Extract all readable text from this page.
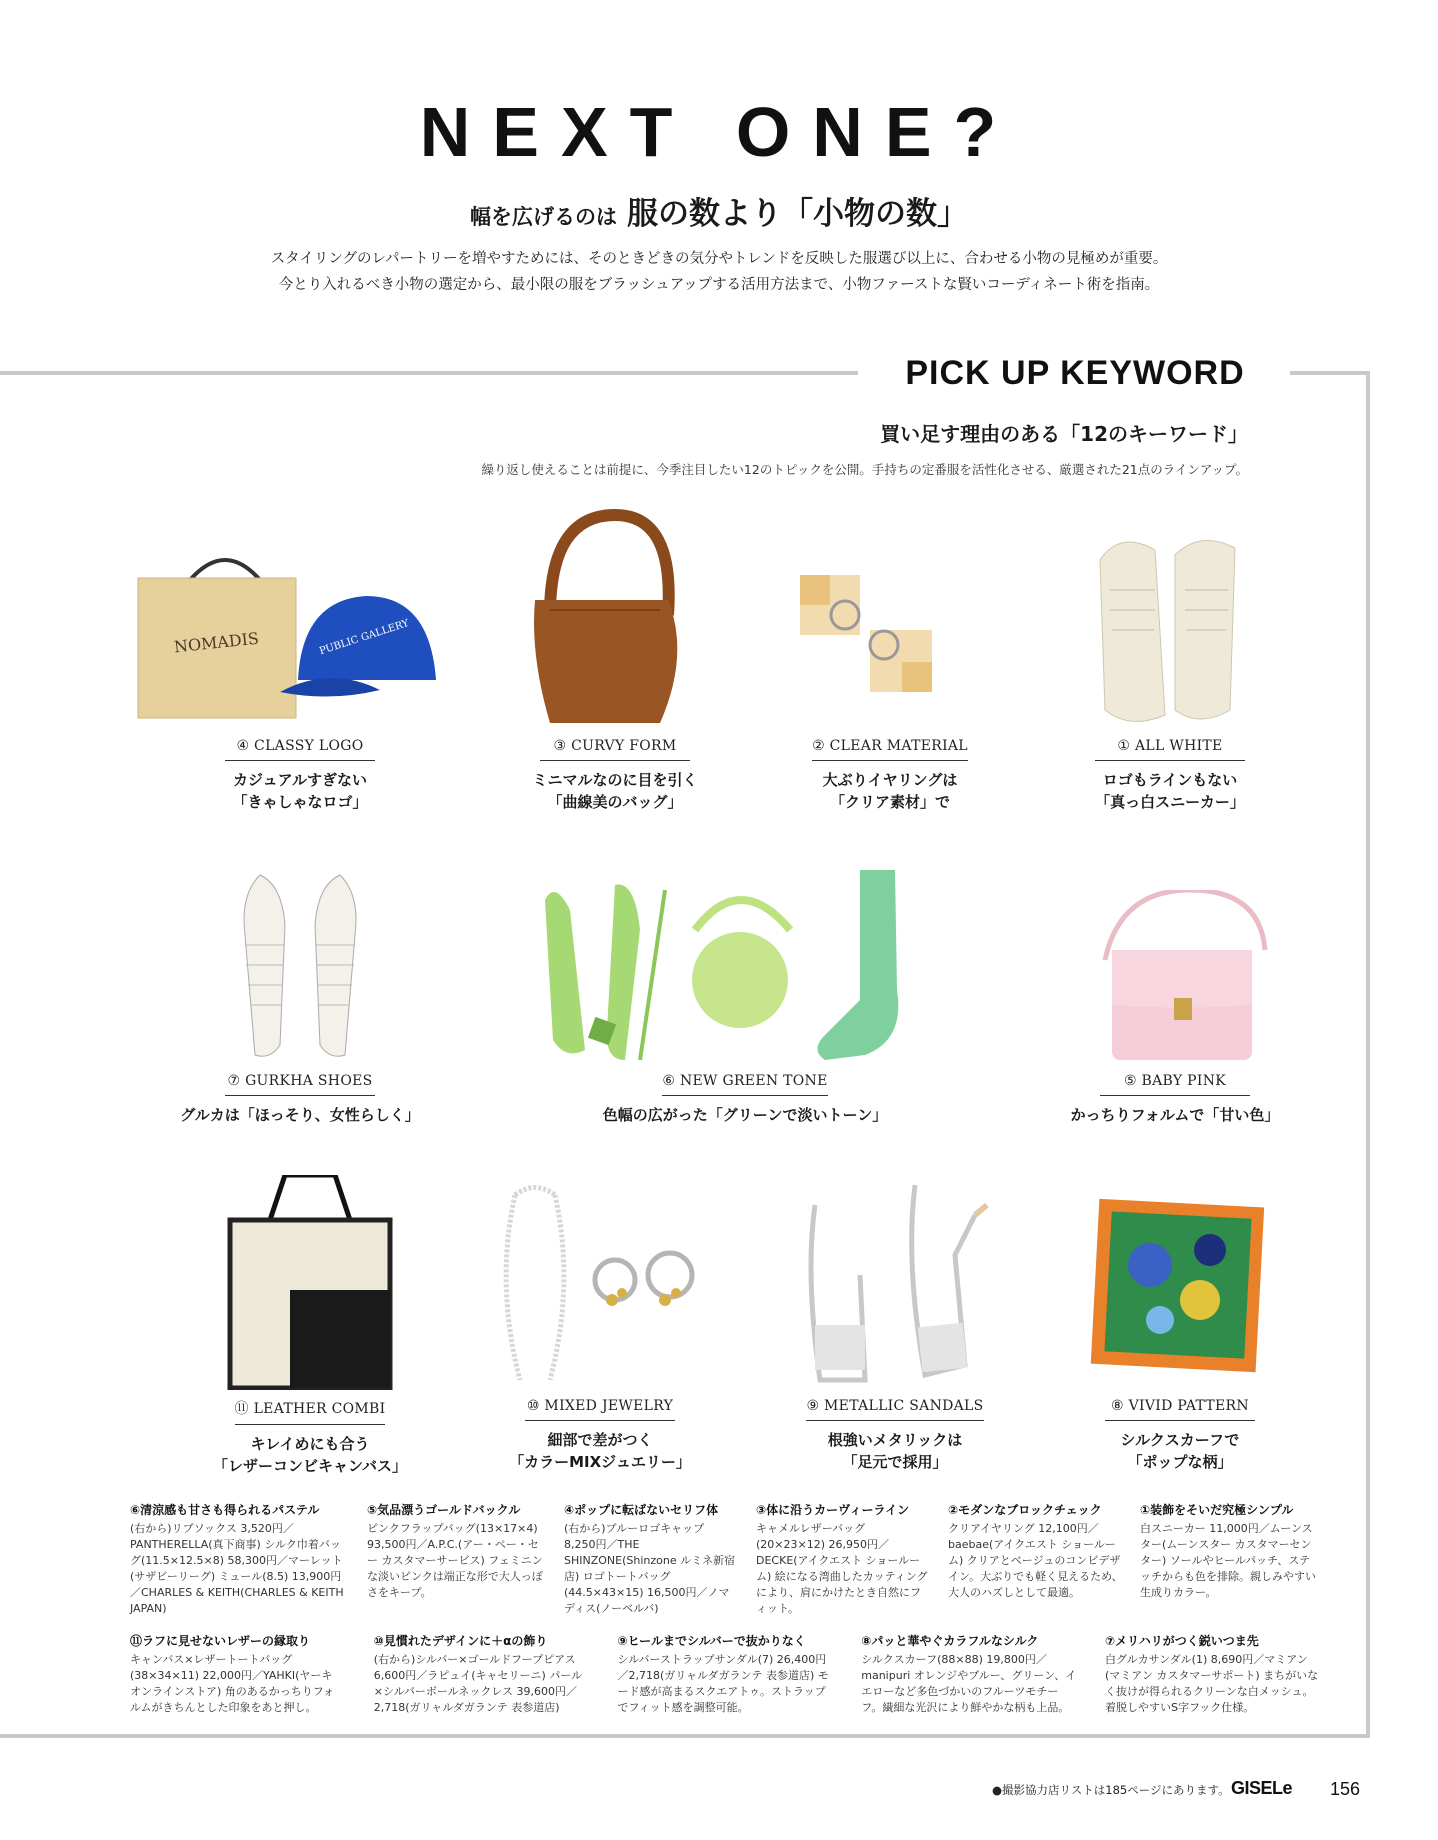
NEXT ONE?
幅を広げるのは 服の数より「小物の数」
スタイリングのレパートリーを増やすためには、そのときどきの気分やトレンドを反映した服選び以上に、合わせる小物の見極めが重要。
今とり入れるべき小物の選定から、最小限の服をブラッシュアップする活用方法まで、小物ファーストな賢いコーディネート術を指南。
PICK UP KEYWORD
買い足す理由のある「12のキーワード」
繰り返し使えることは前提に、今季注目したい12のトピックを公開。手持ちの定番服を活性化させる、厳選された21点のラインアップ。
NOMADIS	PUBLIC GALLERY
④ CLASSY LOGO
カジュアルすぎない
「きゃしゃなロゴ」
③ CURVY FORM
ミニマルなのに目を引く
「曲線美のバッグ」
② CLEAR MATERIAL
大ぶりイヤリングは
「クリア素材」で
① ALL WHITE
ロゴもラインもない
「真っ白スニーカー」
⑦ GURKHA SHOES
グルカは「ほっそり、女性らしく」
⑥ NEW GREEN TONE
色幅の広がった「グリーンで淡いトーン」
⑤ BABY PINK
かっちりフォルムで「甘い色」
⑪ LEATHER COMBI
キレイめにも合う
「レザーコンビキャンバス」
⑩ MIXED JEWELRY
細部で差がつく
「カラーMIXジュエリー」
⑨ METALLIC SANDALS
根強いメタリックは
「足元で採用」
⑧ VIVID PATTERN
シルクスカーフで
「ポップな柄」
⑥清涼感も甘さも得られるパステル
(右から)リブソックス 3,520円／PANTHERELLA(真下商事) シルク巾着バッグ(11.5×12.5×8) 58,300円／マーレット(サザビーリーグ) ミュール(8.5) 13,900円／CHARLES & KEITH(CHARLES & KEITH JAPAN)
⑤気品漂うゴールドバックル
ピンクフラップバッグ(13×17×4) 93,500円／A.P.C.(アー・ペー・セー カスタマーサービス) フェミニンな淡いピンクは端正な形で大人っぽさをキープ。
④ポップに転ばないセリフ体
(右から)ブルーロゴキャップ 8,250円／THE SHINZONE(Shinzone ルミネ新宿店) ロゴトートバッグ(44.5×43×15) 16,500円／ノマディス(ノーベルバ)
③体に沿うカーヴィーライン
キャメルレザーバッグ(20×23×12) 26,950円／DECKE(アイクエスト ショールーム) 絵になる湾曲したカッティングにより、肩にかけたとき自然にフィット。
②モダンなブロックチェック
クリアイヤリング 12,100円／baebae(アイクエスト ショールーム) クリアとベージュのコンビデザイン。大ぶりでも軽く見えるため、大人のハズしとして最適。
①装飾をそいだ究極シンプル
白スニーカー 11,000円／ムーンスター(ムーンスター カスタマーセンター) ソールやヒールパッチ、ステッチからも色を排除。親しみやすい生成りカラー。
⑪ラフに見せないレザーの縁取り
キャンバス×レザートートバッグ(38×34×11) 22,000円／YAHKI(ヤーキ オンラインストア) 角のあるかっちりフォルムがきちんとした印象をあと押し。
⑩見慣れたデザインに＋αの飾り
(右から)シルバー×ゴールドフープピアス 6,600円／ラピュイ(キャセリーニ) パール×シルバーボールネックレス 39,600円／2,718(ガリャルダガランテ 表参道店)
⑨ヒールまでシルバーで抜かりなく
シルバーストラップサンダル(7) 26,400円／2,718(ガリャルダガランテ 表参道店) モード感が高まるスクエアトゥ。ストラップでフィット感を調整可能。
⑧パッと華やぐカラフルなシルク
シルクスカーフ(88×88) 19,800円／manipuri オレンジやブルー、グリーン、イエローなど多色づかいのフルーツモチーフ。繊細な光沢により鮮やかな柄も上品。
⑦メリハリがつく鋭いつま先
白グルカサンダル(1) 8,690円／マミアン(マミアン カスタマーサポート) まちがいなく抜けが得られるクリーンな白メッシュ。着脱しやすいS字フック仕様。
●撮影協力店リストは185ページにあります。 GISELe 156
